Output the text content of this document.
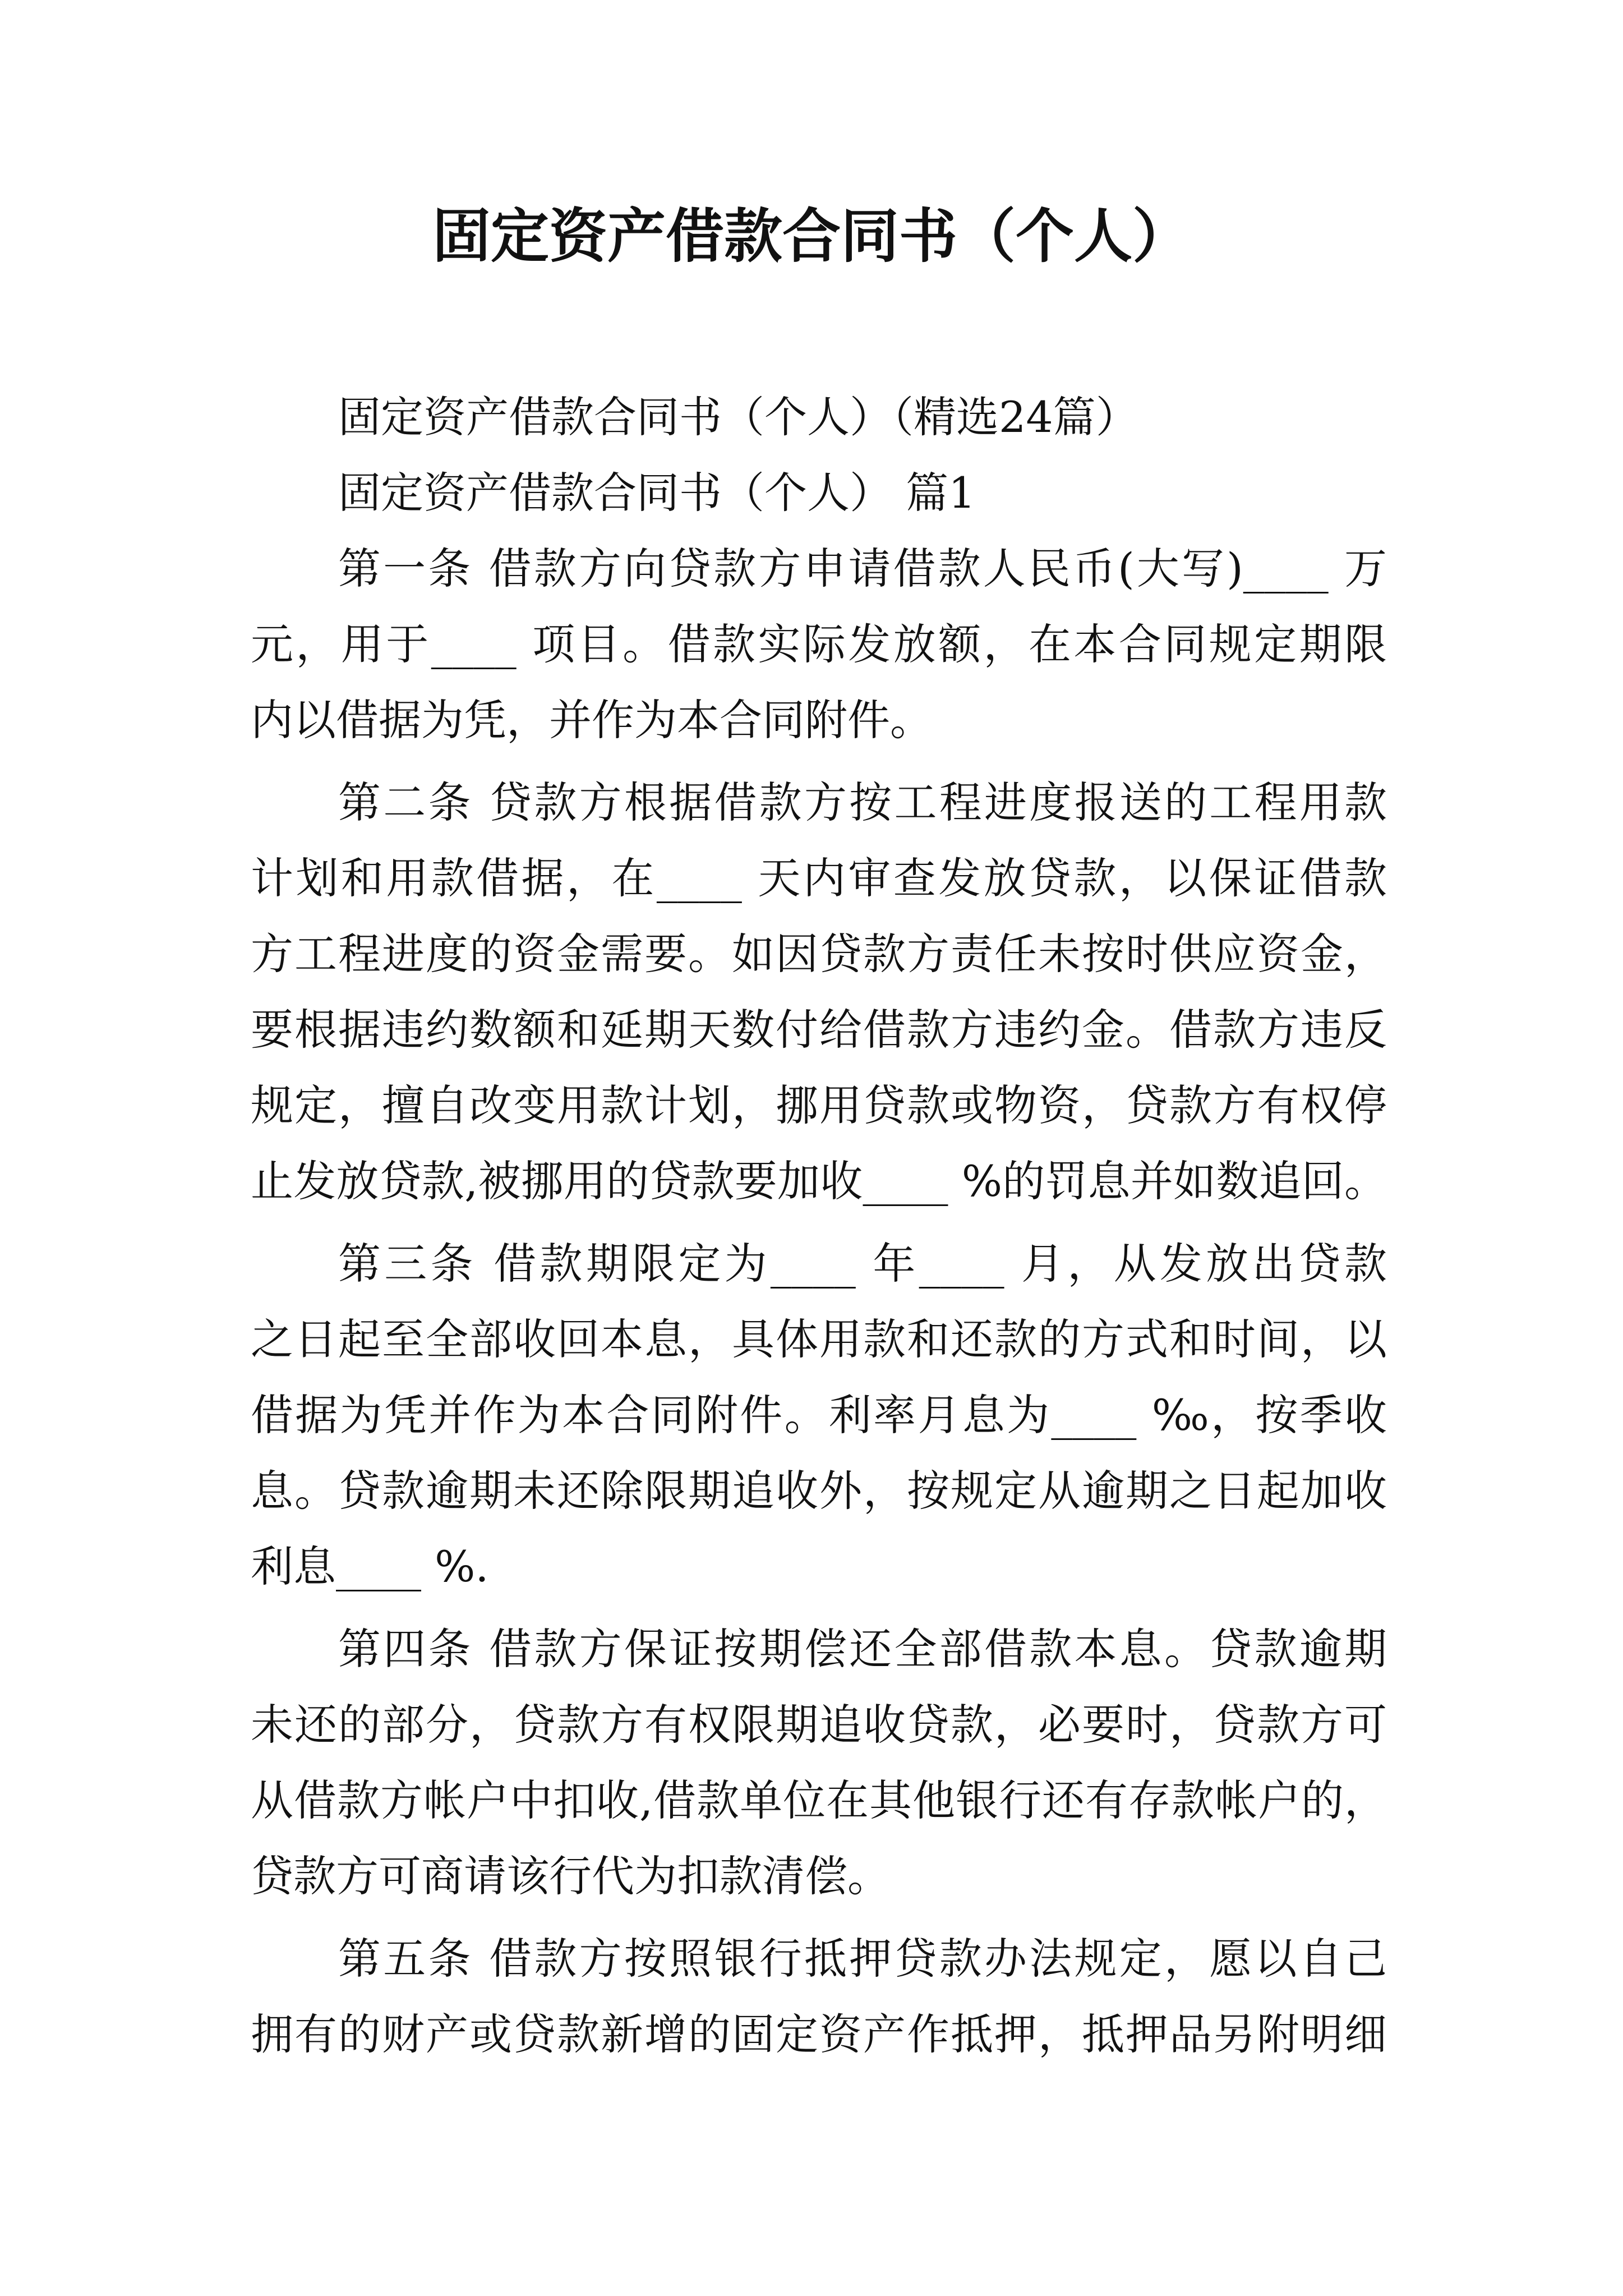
固定资产借款合同书（个人）
固定资产借款合同书（个人）（精选24篇）
固定资产借款合同书（个人） 篇1
第一条 借款方向贷款方申请借款人民币(大写)____ 万
元，用于____ 项目。借款实际发放额，在本合同规定期限
内以借据为凭，并作为本合同附件。
第二条 贷款方根据借款方按工程进度报送的工程用款
计划和用款借据，在____ 天内审查发放贷款，以保证借款
方工程进度的资金需要。如因贷款方责任未按时供应资金，
要根据违约数额和延期天数付给借款方违约金。借款方违反
规定，擅自改变用款计划，挪用贷款或物资，贷款方有权停
止发放贷款,被挪用的贷款要加收____ %的罚息并如数追回。
第三条 借款期限定为____ 年____ 月，从发放出贷款
之日起至全部收回本息，具体用款和还款的方式和时间，以
借据为凭并作为本合同附件。利率月息为____ ‰，按季收
息。贷款逾期未还除限期追收外，按规定从逾期之日起加收
利息____ %.
第四条 借款方保证按期偿还全部借款本息。贷款逾期
未还的部分，贷款方有权限期追收贷款，必要时，贷款方可
从借款方帐户中扣收,借款单位在其他银行还有存款帐户的，
贷款方可商请该行代为扣款清偿。
第五条 借款方按照银行抵押贷款办法规定，愿以自己
拥有的财产或贷款新增的固定资产作抵押，抵押品另附明细
